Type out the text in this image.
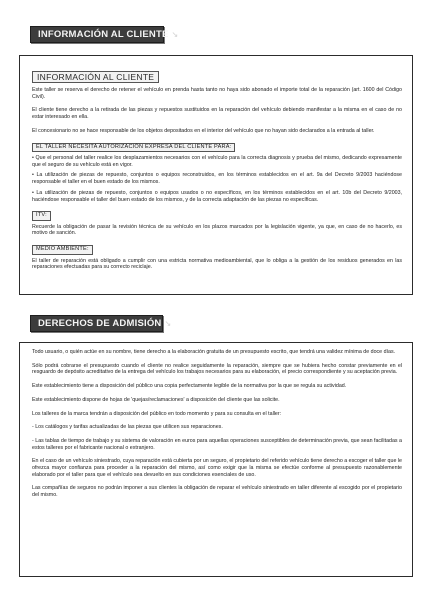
INFORMACIÓN AL CLIENTE ↘
INFORMACIÓN AL CLIENTE

Este taller se reserva el derecho de retener el vehículo en prenda hasta tanto no haya sido abonado el importe total de la reparación (art. 1600 del Código Civil).

El cliente tiene derecho a la retirada de las piezas y repuestos sustituidos en la reparación del vehículo debiendo manifestar a la misma en el caso de no estar interesado en ella.

El concesionario no se hace responsable de los objetos depositados en el interior del vehículo que no hayan sido declarados a la entrada al taller.

EL TALLER NECESITA AUTORIZACIÓN EXPRESA DEL CLIENTE PARA:

• Que el personal del taller realice los desplazamientos necesarios con el vehículo para la correcta diagnosis y prueba del mismo, dedicando expresamente que el seguro de su vehículo está en vigor.

• La utilización de piezas de repuesto, conjuntos o equipos reconstruidos, en los términos establecidos en el art. 9a del Decreto 9/2003 haciéndose responsable el taller en el buen estado de los mismos.

• La utilización de piezas de repuesto, conjuntos o equipos usados o no específicos, en los términos establecidos en el art. 10b del Decreto 9/2003, haciéndose responsable el taller del buen estado de los mismos, y de la correcta adaptación de las piezas no específicas.

ITV:

Recuerde la obligación de pasar la revisión técnica de su vehículo en los plazos marcados por la legislación vigente, ya que, en caso de no hacerlo, es motivo de sanción.

MEDIO AMBIENTE:

El taller de reparación está obligado a cumplir con una estricta normativa medioambiental, que lo obliga a la gestión de los residuos generados en las reparaciones efectuadas para su correcto reciclaje.

DERECHOS DE ADMISIÓN ↘

Todo usuario, o quién actúe en su nombre, tiene derecho a la elaboración gratuita de un presupuesto escrito, que tendrá una validez mínima de doce días.

Sólo podrá cobrarse el presupuesto cuando el cliente no realice seguidamente la reparación, siempre que se hubiera hecho constar previamente en el resguardo de depósito acreditativo de la entrega del vehículo los trabajos necesarios para su elaboración, el precio correspondiente y su aceptación previa.

Este establecimiento tiene a disposición del público una copia perfectamente legible de la normativa por la que se regula su actividad.

Este establecimiento dispone de hojas de 'quejas/reclamaciones' a disposición del cliente que las solicite.

Los talleres de la marca tendrán a disposición del público en todo momento y para su consulta en el taller:

- Los catálogos y tarifas actualizadas de las piezas que utilicen sus reparaciones.

- Las tablas de tiempo de trabajo y su sistema de valoración en euros para aquellas operaciones susceptibles de determinación previa, que sean facilitadas a estos talleres por el fabricante nacional o extranjero.

En el caso de un vehículo siniestrado, cuya reparación está cubierta por un seguro, el propietario del referido vehículo tiene derecho a escoger el taller que le ofrezca mayor confianza para proceder a la reparación del mismo, así como exigir que la misma se efectúe conforme al presupuesto razonablemente elaborado por el taller para que el vehículo sea devuelto en sus condiciones esenciales de uso.

Las compañías de seguros no podrán imponer a sus clientes la obligación de reparar el vehículo siniestrado en taller diferente al escogido por el propietario del mismo.
